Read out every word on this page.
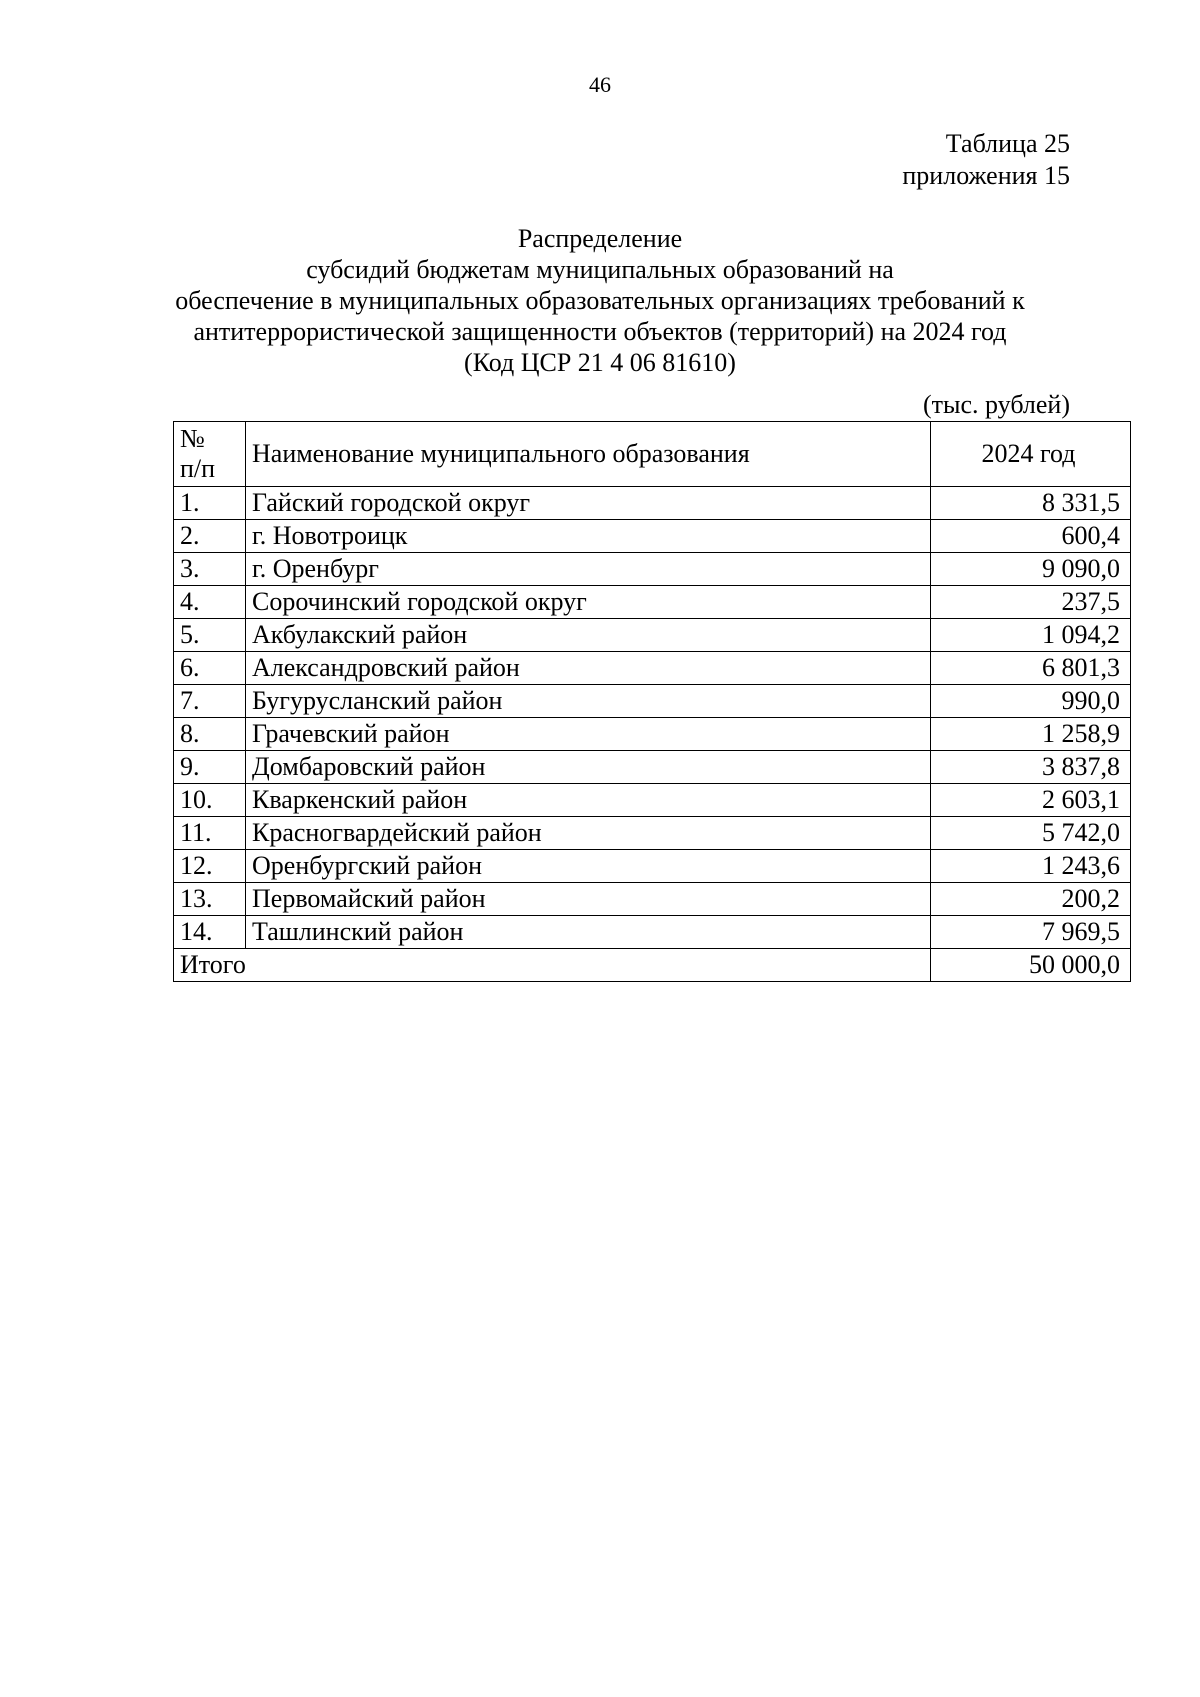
46
Таблица 25
приложения 15
Распределение
субсидий бюджетам муниципальных образований на
обеспечение в муниципальных образовательных организациях требований к
антитеррористической защищенности объектов (территорий) на 2024 год
(Код ЦСР 21 4 06 81610)
(тыс. рублей)
№
п/п	Наименование муниципального образования	2024 год
1.	Гайский городской округ	8 331,5
2.	г. Новотроицк	600,4
3.	г. Оренбург	9 090,0
4.	Сорочинский городской округ	237,5
5.	Акбулакский район	1 094,2
6.	Александровский район	6 801,3
7.	Бугурусланский район	990,0
8.	Грачевский район	1 258,9
9.	Домбаровский район	3 837,8
10.	Кваркенский район	2 603,1
11.	Красногвардейский район	5 742,0
12.	Оренбургский район	1 243,6
13.	Первомайский район	200,2
14.	Ташлинский район	7 969,5
Итого		50 000,0
